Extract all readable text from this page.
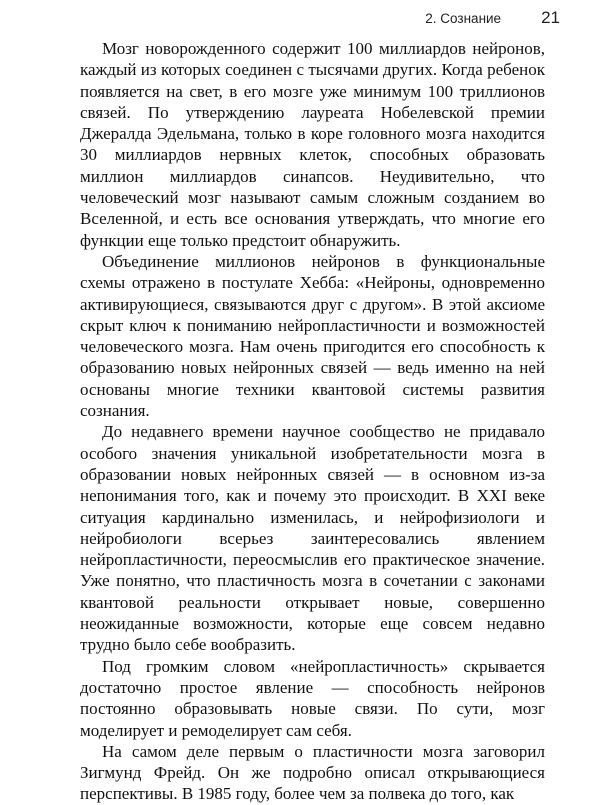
2. Сознание 21

Мозг новорожденного содержит 100 миллиардов нейронов, каждый из которых соединен с тысячами других. Когда ребенок появляется на свет, в его мозге уже минимум 100 триллионов связей. По утверждению лауреата Нобелевской премии Джералда Эдельмана, только в коре головного мозга находится 30 миллиардов нервных клеток, способных образовать миллион миллиардов синапсов. Неудивительно, что человеческий мозг называют самым сложным созданием во Вселенной, и есть все основания утверждать, что многие его функции еще только предстоит обнаружить.

Объединение миллионов нейронов в функциональные схемы отражено в постулате Хебба: «Нейроны, одновременно активирующиеся, связываются друг с другом». В этой аксиоме скрыт ключ к пониманию нейропластичности и возможностей человеческого мозга. Нам очень пригодится его способность к образованию новых нейронных связей — ведь именно на ней основаны многие техники квантовой системы развития сознания.

До недавнего времени научное сообщество не придавало особого значения уникальной изобретательности мозга в образовании новых нейронных связей — в основном из-за непонимания того, как и почему это происходит. В XXI веке ситуация кардинально изменилась, и нейрофизиологи и нейробиологи всерьез заинтересовались явлением нейропластичности, переосмыслив его практическое значение. Уже понятно, что пластичность мозга в сочетании с законами квантовой реальности открывает новые, совершенно неожиданные возможности, которые еще совсем недавно трудно было себе вообразить.

Под громким словом «нейропластичность» скрывается достаточно простое явление — способность нейронов постоянно образовывать новые связи. По сути, мозг моделирует и ремоделирует сам себя.

На самом деле первым о пластичности мозга заговорил Зигмунд Фрейд. Он же подробно описал открывающиеся перспективы. В 1985 году, более чем за полвека до того, как
